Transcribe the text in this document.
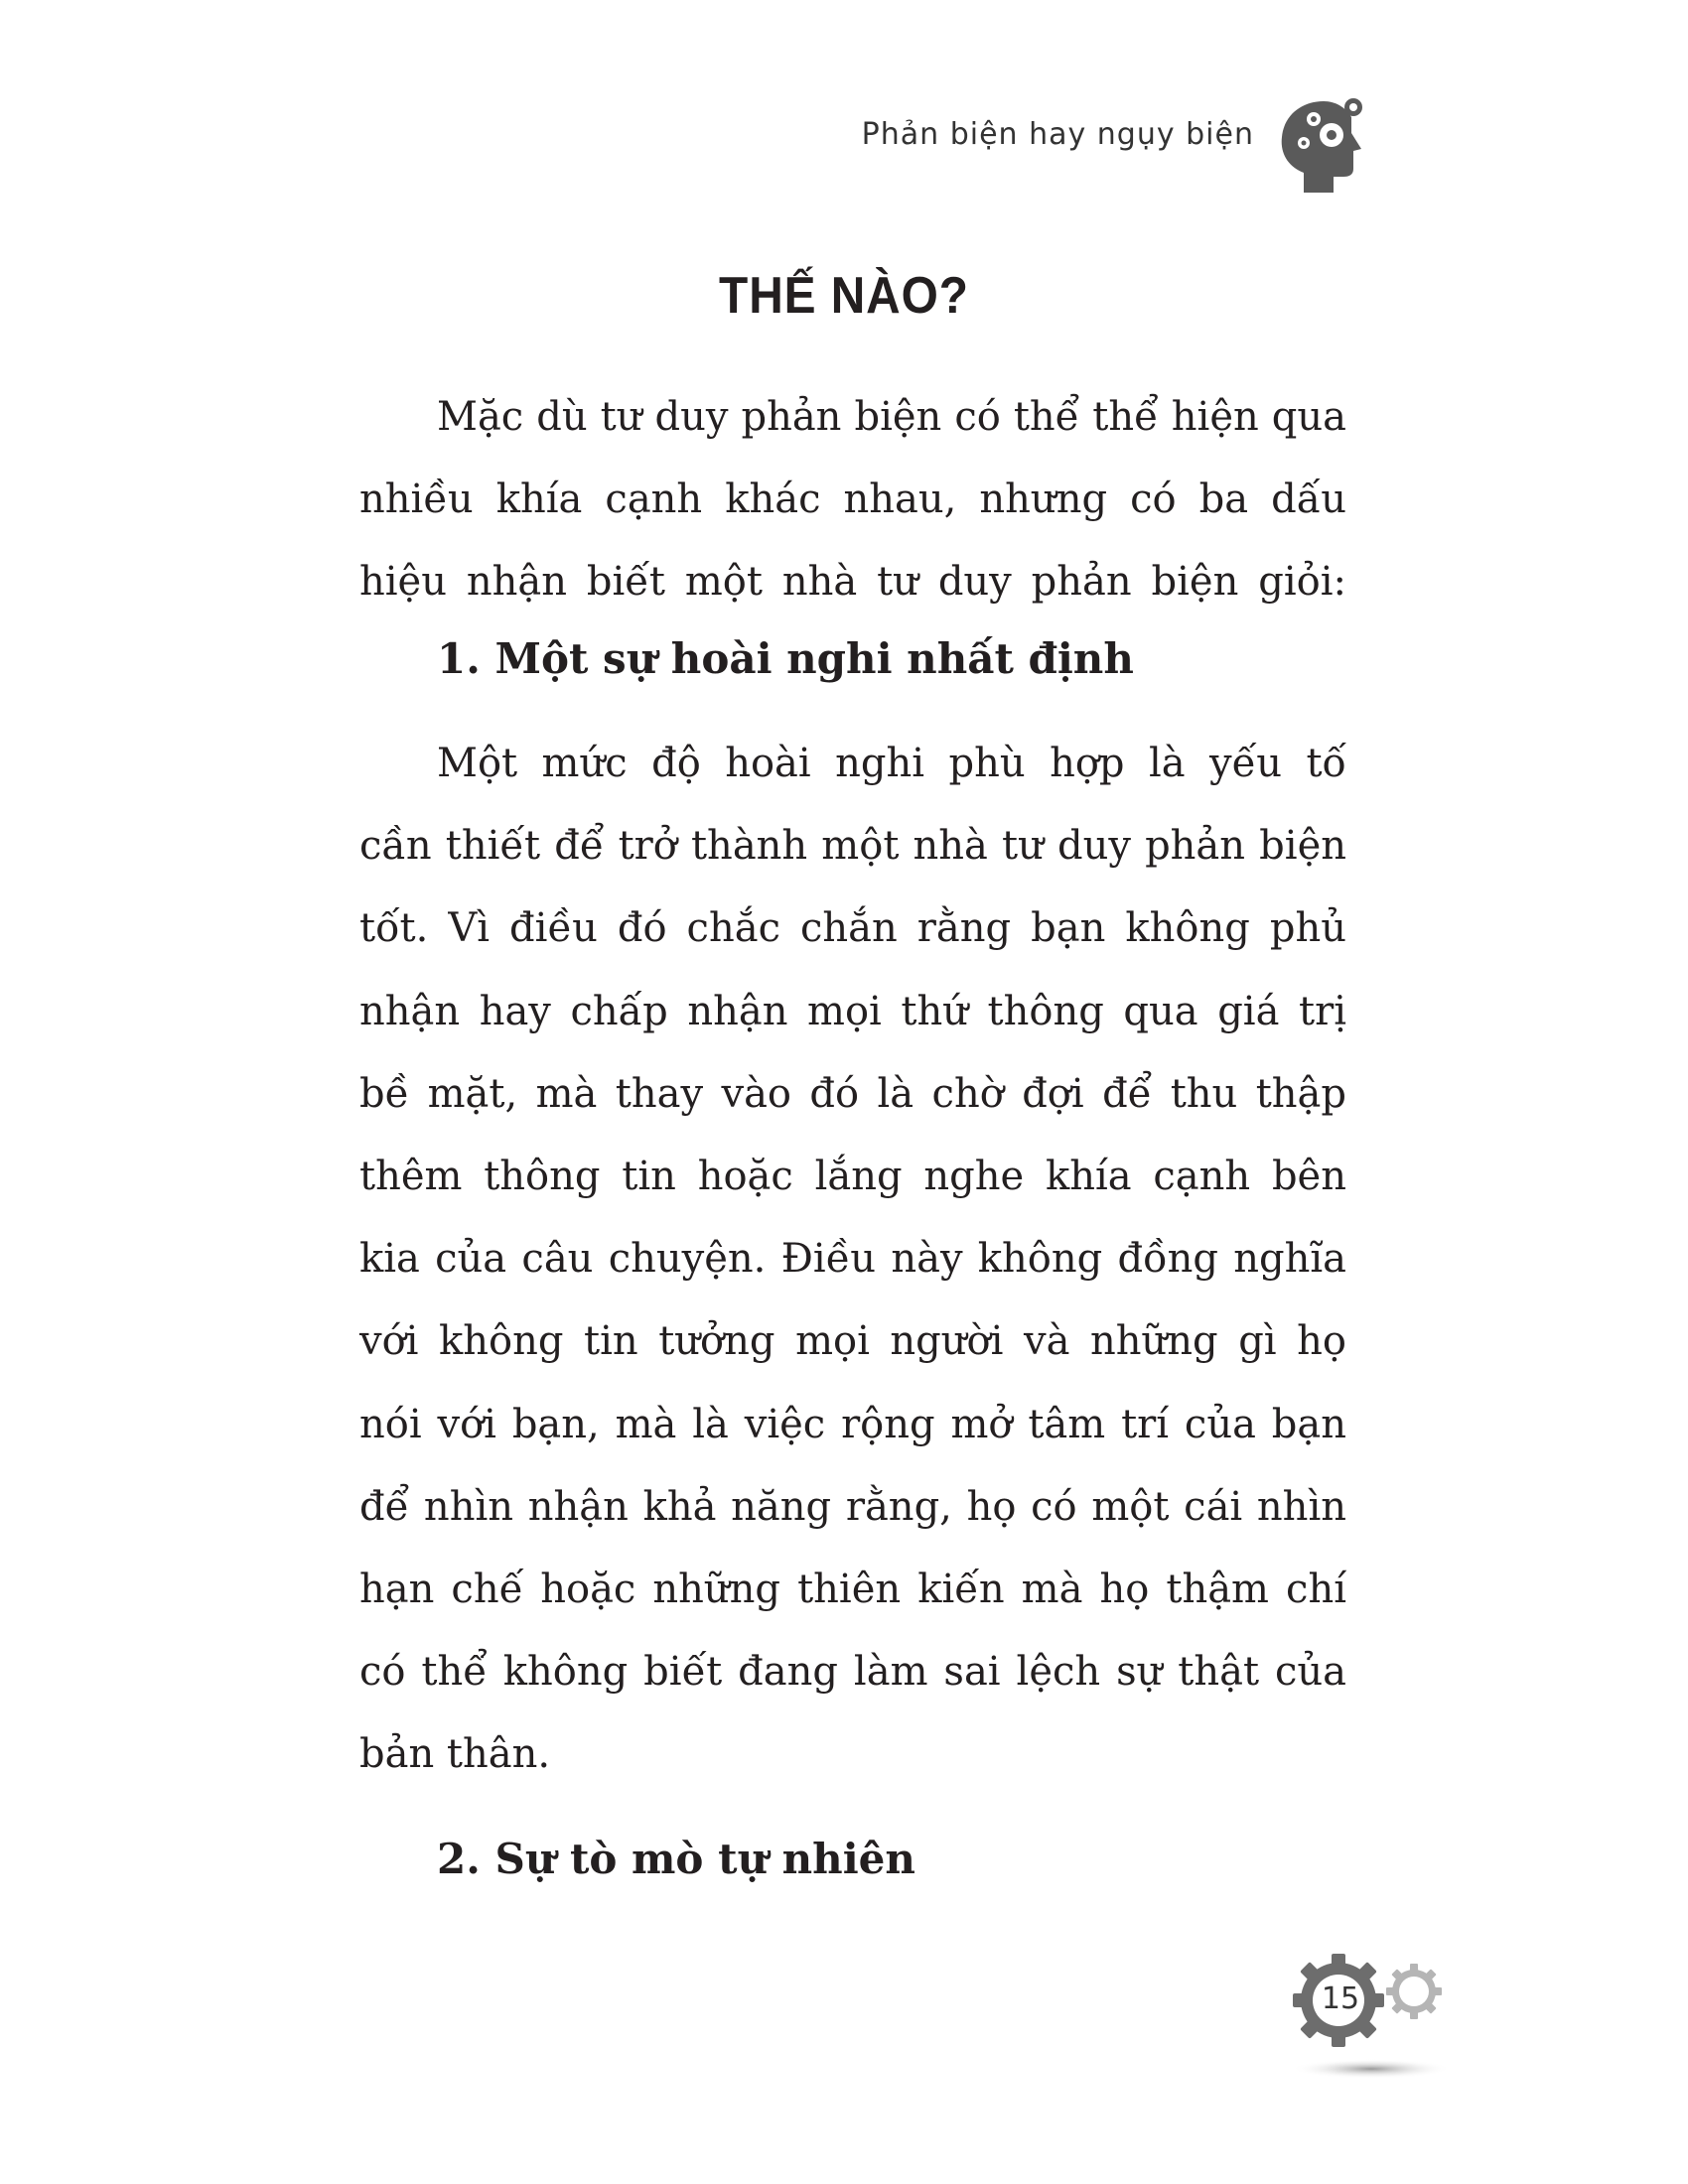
Phản biện hay ngụy biện
THẾ NÀO?
Mặc dù tư duy phản biện có thể thể hiện qua
nhiều khía cạnh khác nhau, nhưng có ba dấu
hiệu nhận biết một nhà tư duy phản biện giỏi:
1. Một sự hoài nghi nhất định
Một mức độ hoài nghi phù hợp là yếu tố
cần thiết để trở thành một nhà tư duy phản biện
tốt. Vì điều đó chắc chắn rằng bạn không phủ
nhận hay chấp nhận mọi thứ thông qua giá trị
bề mặt, mà thay vào đó là chờ đợi để thu thập
thêm thông tin hoặc lắng nghe khía cạnh bên
kia của câu chuyện. Điều này không đồng nghĩa
với không tin tưởng mọi người và những gì họ
nói với bạn, mà là việc rộng mở tâm trí của bạn
để nhìn nhận khả năng rằng, họ có một cái nhìn
hạn chế hoặc những thiên kiến mà họ thậm chí
có thể không biết đang làm sai lệch sự thật của
bản thân.
2. Sự tò mò tự nhiên
15
